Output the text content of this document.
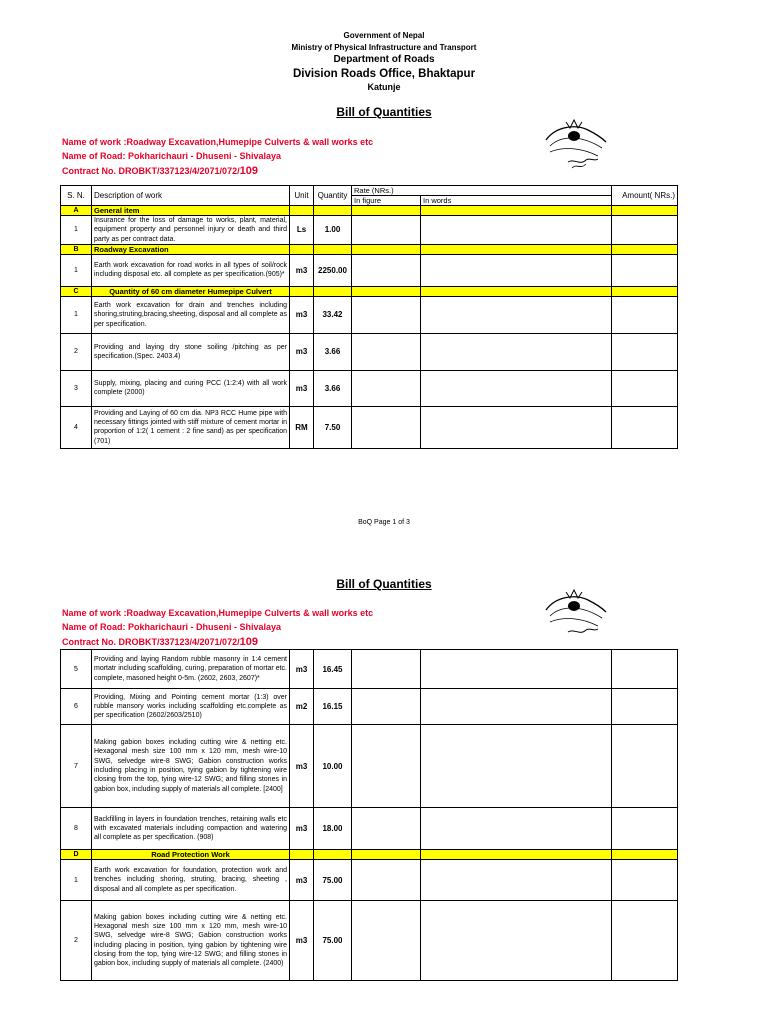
Government of Nepal
Ministry of Physical Infrastructure and Transport
Department of Roads
Division Roads Office, Bhaktapur
Katunje
Bill of Quantities
Name of work :Roadway Excavation,Humepipe Culverts & wall works etc
Name of Road: Pokharichauri - Dhuseni - Shivalaya
Contract No. DROBKT/337123/4/2071/072/109
S. N.	Description of work	Unit	Quantity	Rate (NRs.)		Amount( NRs.)
				In figure	In words	
A	General item					
1	Insurance for the loss of damage to works, plant, material, equipment property and personnel injury or death and third party as per contract data.	Ls	1.00			
B	Roadway Excavation					
1	Earth work excavation for road works in all types of soil/rock including disposal etc. all complete as per specification.(905)*	m3	2250.00			
C	Quantity of 60 cm diameter Humepipe Culvert					
1	Earth work excavation for drain and trenches including shoring,struting,bracing,sheeting, disposal and all complete as per specification.	m3	33.42			
2	Providing and laying dry stone soiling /pitching as per specification.(Spec. 2403.4)	m3	3.66			
3	Supply, mixing, placing and curing PCC (1:2:4) with all work complete (2000)	m3	3.66			
4	Providing and Laying of 60 cm dia. NP3 RCC Hume pipe with necessary fittings jointed with stiff mixture of cement mortar in proportion of 1:2( 1 cement : 2 fine sand) as per specification (701)	RM	7.50			
BoQ Page 1 of 3
Bill of Quantities
Name of work :Roadway Excavation,Humepipe Culverts & wall works etc
Name of Road: Pokharichauri - Dhuseni - Shivalaya
Contract No. DROBKT/337123/4/2071/072/109
5	Providing and laying Random rubble masonry in 1:4 cement mortatr including scaffolding, curing, preparation of mortar etc. complete, masoned height 0-5m. (2602, 2603, 2607)*	m3	16.45			
6	Providing, Mixing and Pointing cement mortar (1:3) over rubble mansory works including scaffolding etc.complete as per specification (2602/2603/2510)	m2	16.15			
7	Making gabion boxes including cutting wire & netting etc. Hexagonal mesh size 100 mm x 120 mm, mesh wire-10 SWG, selvedge wire-8 SWG; Gabion construction works including placing in position, tying gabion by tightening wire closing from the top, tying wire-12 SWG; and filling stones in gabion box, including supply of materials all complete. [2400]	m3	10.00			
8	Backfilling in layers in foundation trenches, retaining walls etc with excavated materials including compaction and watering all complete as per specification. (908)	m3	18.00			
D	Road Protection Work					
1	Earth work excavation for foundation, protection work and trenches including shoring, struting, bracing, sheeting , disposal and all complete as per specification.	m3	75.00			
2	Making gabion boxes including cutting wire & netting etc. Hexagonal mesh size 100 mm x 120 mm, mesh wire-10 SWG, selvedge wire-8 SWG; Gabion construction works including placing in position, tying gabion by tightening wire closing from the top, tying wire-12 SWG; and filling stones in gabion box, including supply of materials all complete. (2400)	m3	75.00			
